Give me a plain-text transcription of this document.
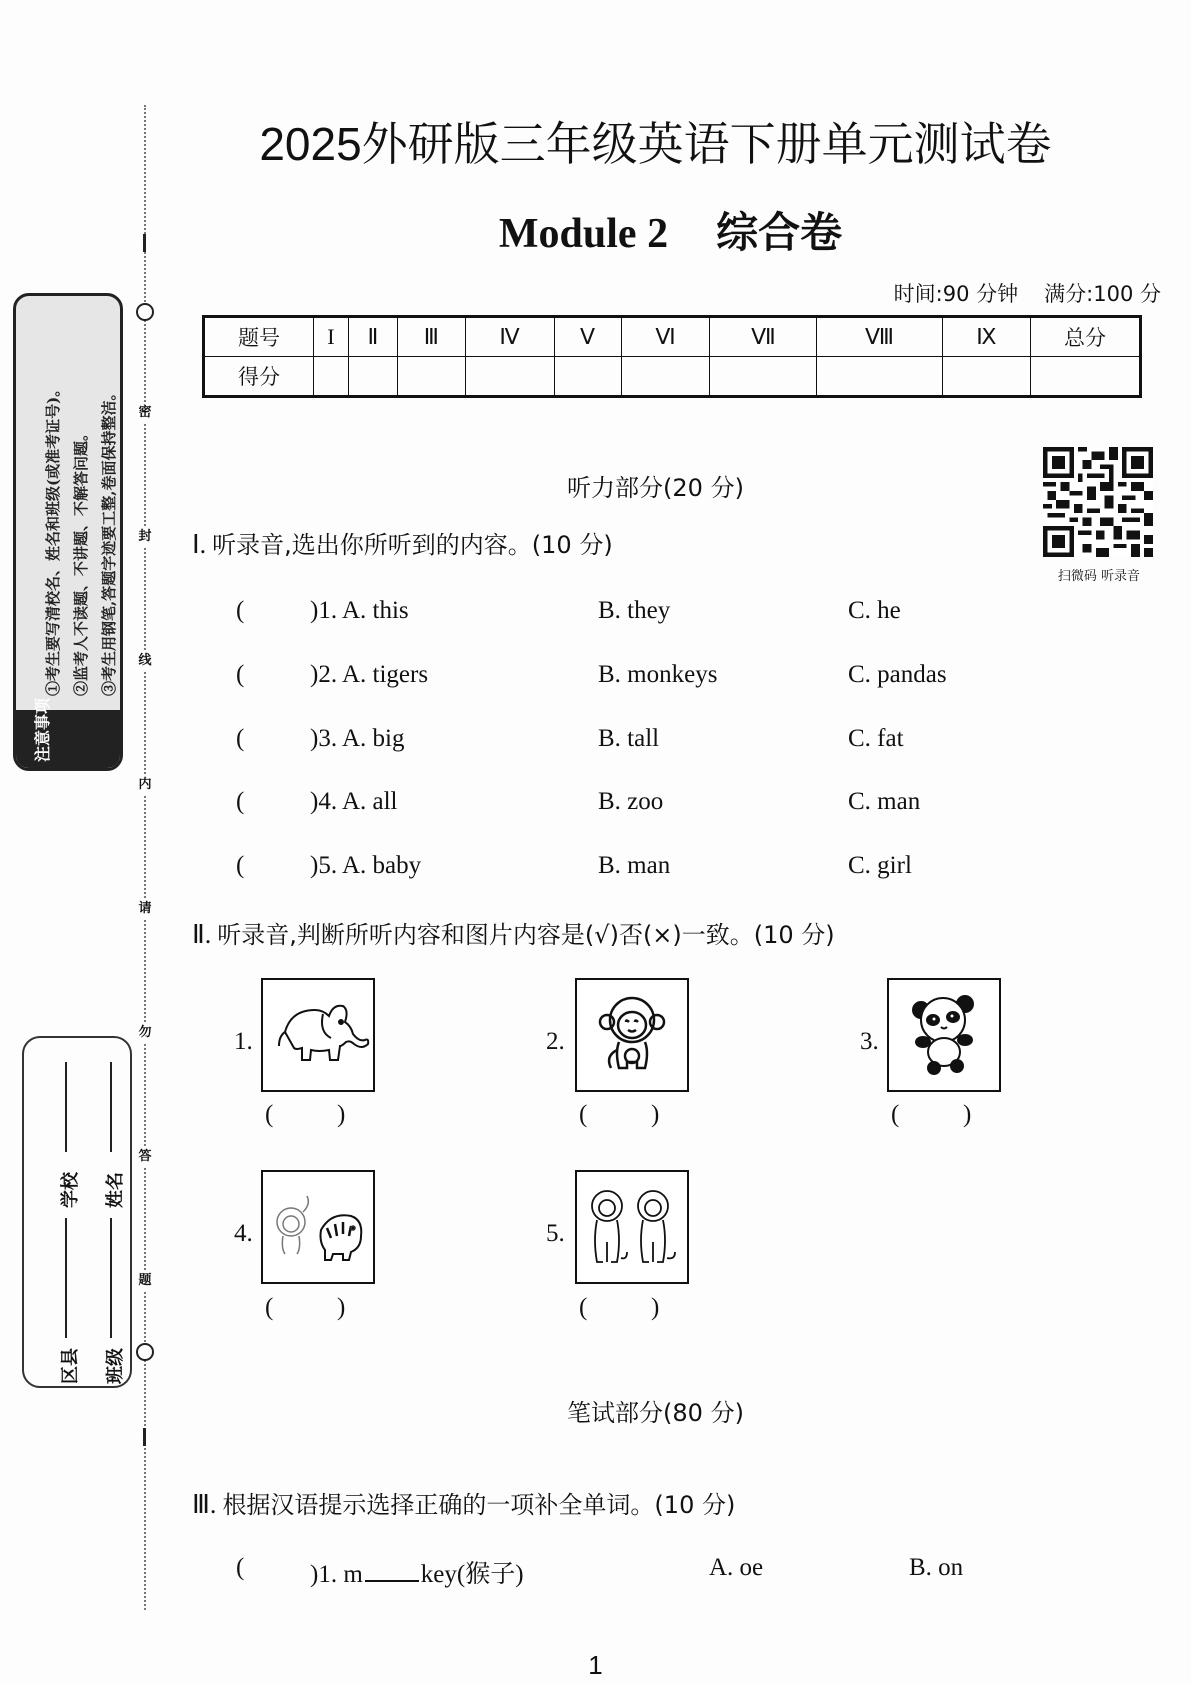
密
封
线
内
请
勿
答
题
①考生要写清校名、姓名和班级(或准考证号)。 ②监考人不读题、不讲题、不解答问题。 ③考生用钢笔,答题字迹要工整,卷面保持整洁。
注意事项
学校
区县
姓名
班级
2025外研版三年级英语下册单元测试卷
Module 2 综合卷
时间:90 分钟 满分:100 分
题号	I	Ⅱ	Ⅲ	Ⅳ	Ⅴ	Ⅵ	Ⅶ	Ⅷ	Ⅸ	总分
得分										
扫微码 听录音
听力部分(20 分)
Ⅰ. 听录音,选出你所听到的内容。(10 分)
(	)1. A. this	B. they	C. he
(	)2. A. tigers	B. monkeys	C. pandas
(	)3. A. big	B. tall	C. fat
(	)4. A. all	B. zoo	C. man
(	)5. A. baby	B. man	C. girl
Ⅱ. 听录音,判断所听内容和图片内容是(√)否(×)一致。(10 分)
1.
(	)
2.
(	)
3.
(	)
4.
(	)
5.
(	)
笔试部分(80 分)
Ⅲ. 根据汉语提示选择正确的一项补全单词。(10 分)
(	)1. m key(猴子)	A. oe	B. on
1
